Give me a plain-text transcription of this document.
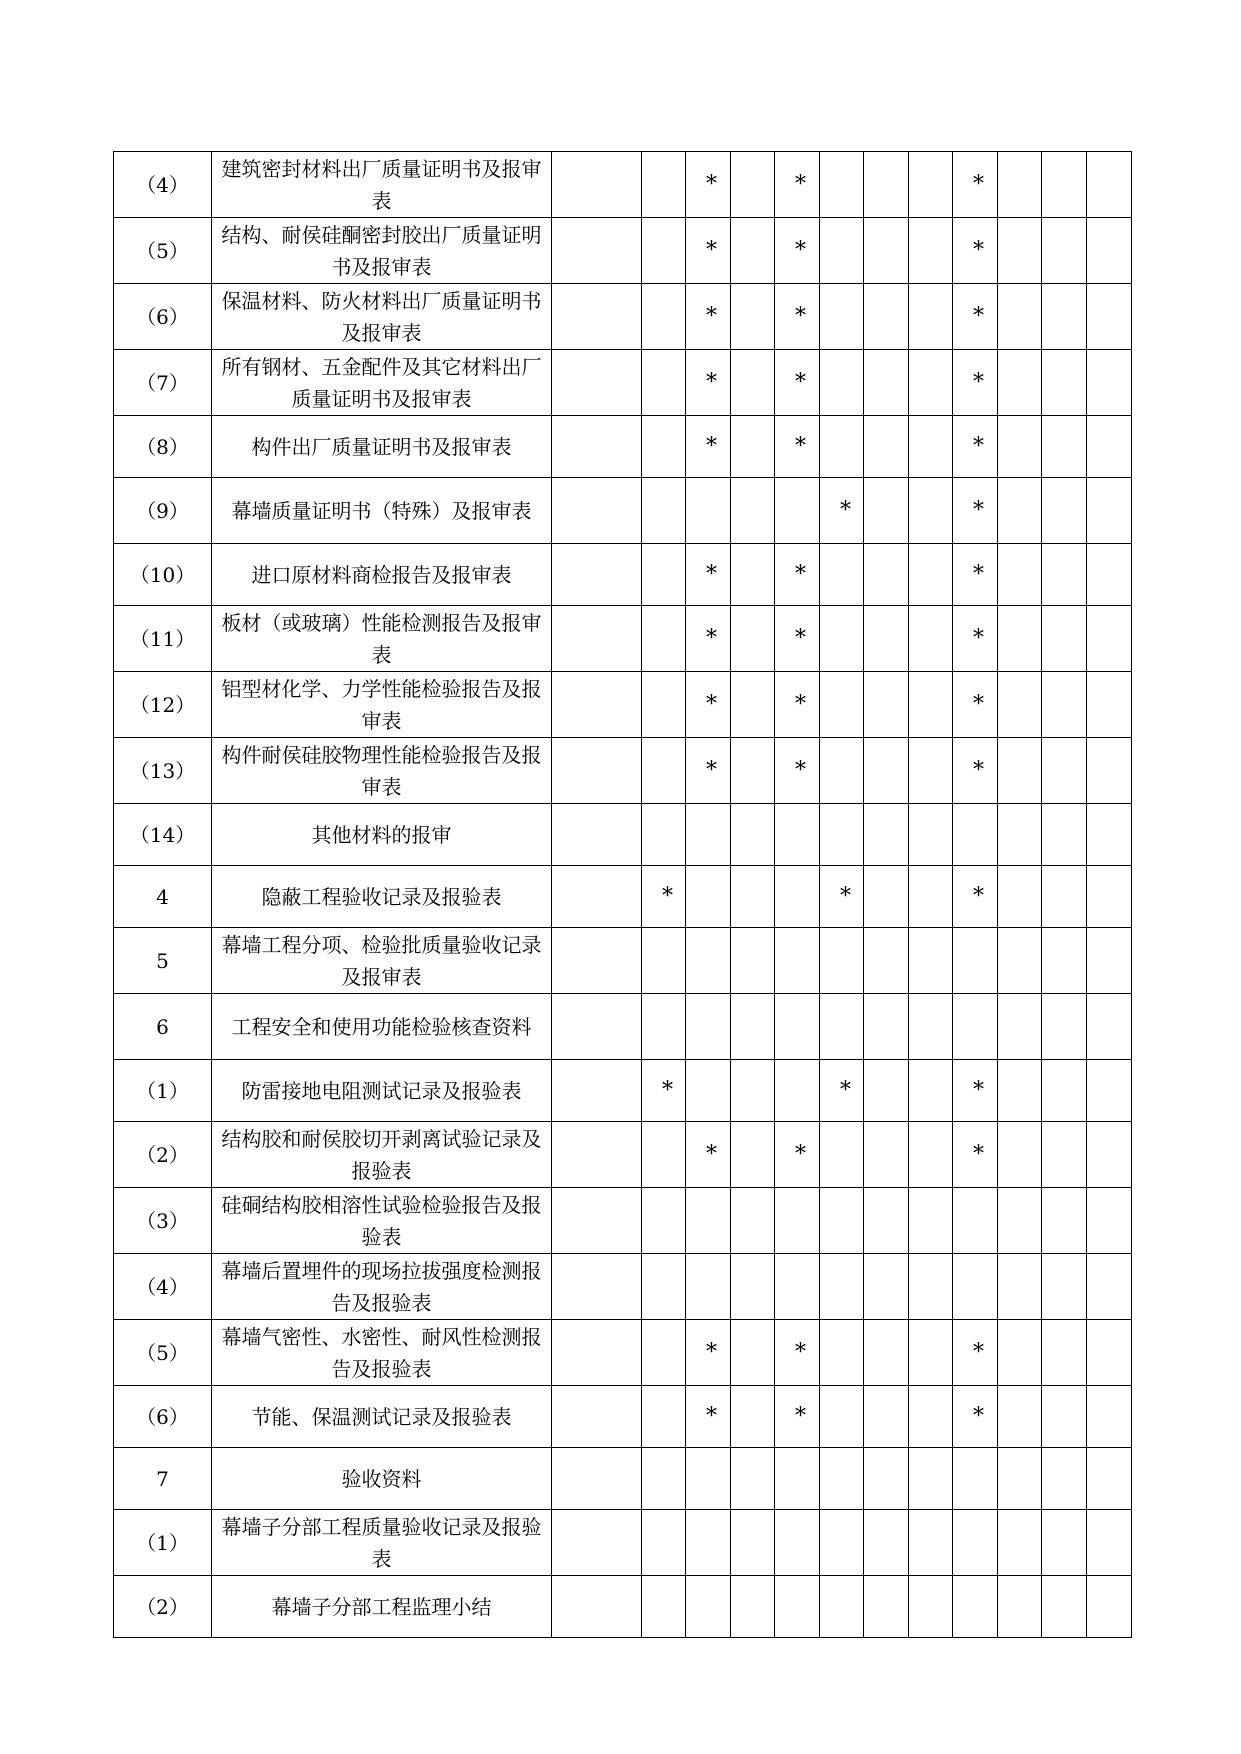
（4）	建筑密封材料出厂质量证明书及报审表			*		*				*			
（5）	结构、耐侯硅酮密封胶出厂质量证明书及报审表			*		*				*			
（6）	保温材料、防火材料出厂质量证明书及报审表			*		*				*			
（7）	所有钢材、五金配件及其它材料出厂质量证明书及报审表			*		*				*			
（8）	构件出厂质量证明书及报审表			*		*				*			
（9）	幕墙质量证明书（特殊）及报审表						*			*			
（10）	进口原材料商检报告及报审表			*		*				*			
（11）	板材（或玻璃）性能检测报告及报审表			*		*				*			
（12）	铝型材化学、力学性能检验报告及报审表			*		*				*			
（13）	构件耐侯硅胶物理性能检验报告及报审表			*		*				*			
（14）	其他材料的报审												
4	隐蔽工程验收记录及报验表		*				*			*			
5	幕墙工程分项、检验批质量验收记录及报审表												
6	工程安全和使用功能检验核查资料												
（1）	防雷接地电阻测试记录及报验表		*				*			*			
（2）	结构胶和耐侯胶切开剥离试验记录及报验表			*		*				*			
（3）	硅硐结构胶相溶性试验检验报告及报验表												
（4）	幕墙后置埋件的现场拉拔强度检测报告及报验表												
（5）	幕墙气密性、水密性、耐风性检测报告及报验表			*		*				*			
（6）	节能、保温测试记录及报验表			*		*				*			
7	验收资料												
（1）	幕墙子分部工程质量验收记录及报验表												
（2）	幕墙子分部工程监理小结												
